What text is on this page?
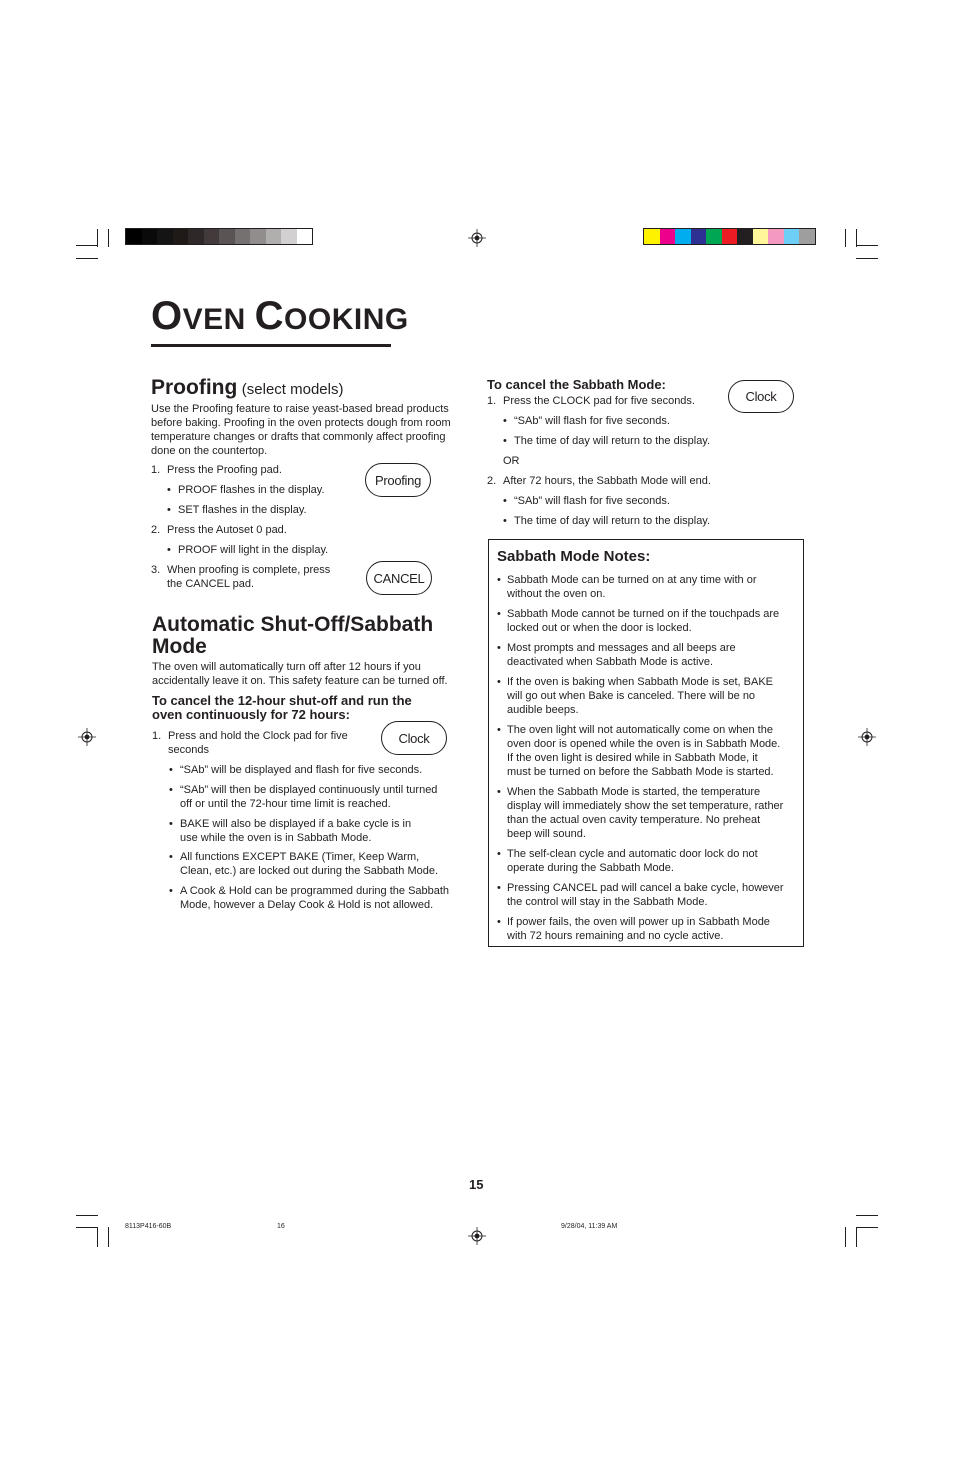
OVEN COOKING
Proofing (select models)
Use the Proofing feature to raise yeast-based bread products
before baking. Proofing in the oven protects dough from room
temperature changes or drafts that commonly affect proofing
done on the countertop.
1. Press the Proofing pad.
• PROOF flashes in the display.
• SET flashes in the display.
2. Press the Autoset 0 pad.
• PROOF will light in the display.
3. When proofing is complete, press
the CANCEL pad.
Proofing
CANCEL
Automatic Shut-Off/Sabbath
Mode
The oven will automatically turn off after 12 hours if you
accidentally leave it on. This safety feature can be turned off.
To cancel the 12-hour shut-off and run the
oven continuously for 72 hours:
1. Press and hold the Clock pad for five
seconds
Clock
• “SAb” will be displayed and flash for five seconds.
• “SAb” will then be displayed continuously until turned
off or until the 72-hour time limit is reached.
• BAKE will also be displayed if a bake cycle is in
use while the oven is in Sabbath Mode.
• All functions EXCEPT BAKE (Timer, Keep Warm,
Clean, etc.) are locked out during the Sabbath Mode.
• A Cook & Hold can be programmed during the Sabbath
Mode, however a Delay Cook & Hold is not allowed.
To cancel the Sabbath Mode:
Clock
1. Press the CLOCK pad for five seconds.
• “SAb” will flash for five seconds.
• The time of day will return to the display.
OR
2. After 72 hours, the Sabbath Mode will end.
• “SAb” will flash for five seconds.
• The time of day will return to the display.
Sabbath Mode Notes:
• Sabbath Mode can be turned on at any time with or
without the oven on.
• Sabbath Mode cannot be turned on if the touchpads are
locked out or when the door is locked.
• Most prompts and messages and all beeps are
deactivated when Sabbath Mode is active.
• If the oven is baking when Sabbath Mode is set, BAKE
will go out when Bake is canceled. There will be no
audible beeps.
• The oven light will not automatically come on when the
oven door is opened while the oven is in Sabbath Mode.
If the oven light is desired while in Sabbath Mode, it
must be turned on before the Sabbath Mode is started.
• When the Sabbath Mode is started, the temperature
display will immediately show the set temperature, rather
than the actual oven cavity temperature. No preheat
beep will sound.
• The self-clean cycle and automatic door lock do not
operate during the Sabbath Mode.
• Pressing CANCEL pad will cancel a bake cycle, however
the control will stay in the Sabbath Mode.
• If power fails, the oven will power up in Sabbath Mode
with 72 hours remaining and no cycle active.
15
8113P416-60B	16	9/28/04, 11:39 AM
